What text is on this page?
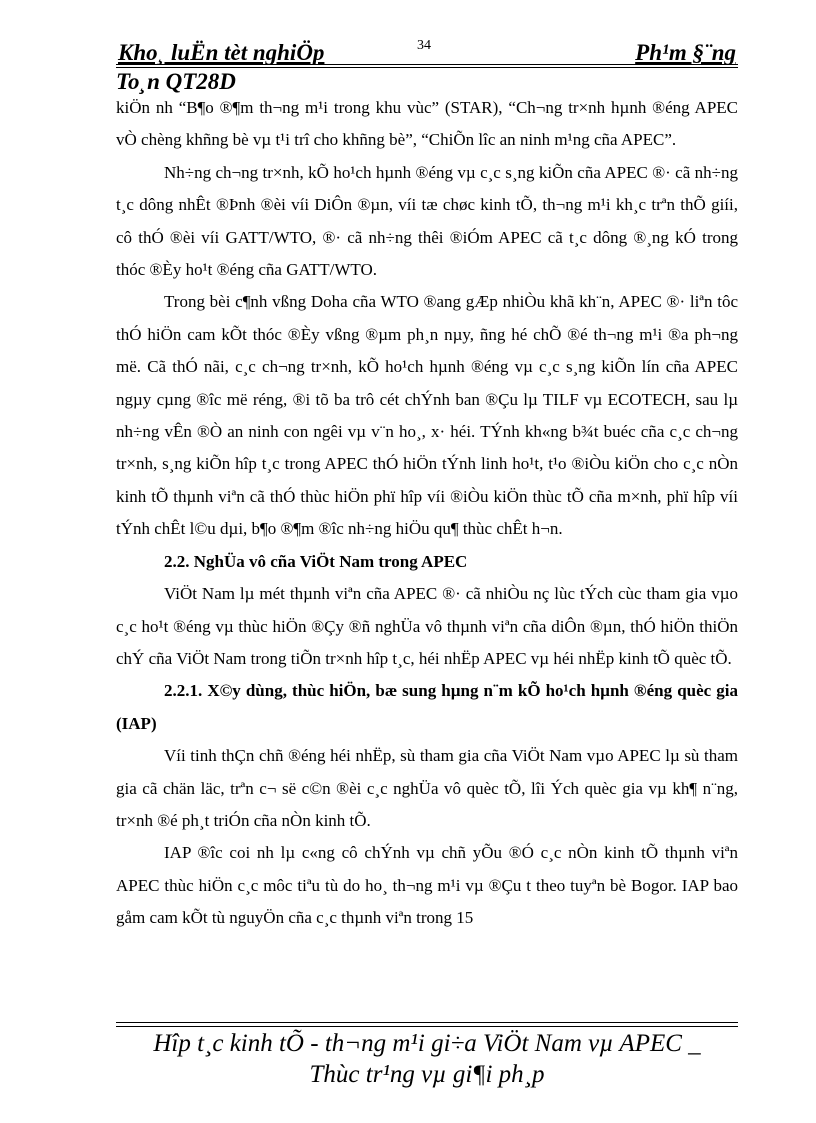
Kho¸ luËn tèt nghiÖp	34	Ph¹m §¨ng
To¸n QT28D

kiÖn nh “B¶o ®¶m th¬ng m¹i trong khu vùc” (STAR), “Ch¬ng tr×nh hµnh ®éng APEC vÒ chèng khñng bè vµ t¹i trî cho khñng bè”, “ChiÕn lîc an ninh m¹ng cña APEC”.

Nh÷ng ch¬ng tr×nh, kÕ ho¹ch hµnh ®éng vµ c¸c s¸ng kiÕn cña APEC ®· cã nh÷ng t¸c dông nhÊt ®Þnh ®èi víi DiÔn ®µn, víi tæ chøc kinh tÕ, th¬ng m¹i kh¸c trªn thÕ giíi, cô thÓ ®èi víi GATT/WTO, ®· cã nh÷ng thêi ®iÓm APEC cã t¸c dông ®¸ng kÓ trong thóc ®Èy ho¹t ®éng cña GATT/WTO.

Trong bèi c¶nh vßng Doha cña WTO ®ang gÆp nhiÒu khã kh¨n, APEC ®· liªn tôc thÓ hiÖn cam kÕt thóc ®Èy vßng ®µm ph¸n nµy, ñng hé chÕ ®é th¬ng m¹i ®a ph¬ng më. Cã thÓ nãi, c¸c ch¬ng tr×nh, kÕ ho¹ch hµnh ®éng vµ c¸c s¸ng kiÕn lín cña APEC ngµy cµng ®îc më réng, ®i tõ ba trô cét chÝnh ban ®Çu lµ TILF vµ ECOTECH, sau lµ nh÷ng vÊn ®Ò an ninh con ngêi vµ v¨n ho¸, x· héi. TÝnh kh«ng b¾t buéc cña c¸c ch¬ng tr×nh, s¸ng kiÕn hîp t¸c trong APEC thÓ hiÖn tÝnh linh ho¹t, t¹o ®iÒu kiÖn cho c¸c nÒn kinh tÕ thµnh viªn cã thÓ thùc hiÖn phï hîp víi ®iÒu kiÖn thùc tÕ cña m×nh, phï hîp víi tÝnh chÊt l©u dµi, b¶o ®¶m ®îc nh÷ng hiÖu qu¶ thùc chÊt h¬n.

2.2. NghÜa vô cña ViÖt Nam trong APEC

ViÖt Nam lµ mét thµnh viªn cña APEC ®· cã nhiÒu nç lùc tÝch cùc tham gia vµo c¸c ho¹t ®éng vµ thùc hiÖn ®Çy ®ñ nghÜa vô thµnh viªn cña diÔn ®µn, thÓ hiÖn thiÖn chÝ cña ViÖt Nam trong tiÕn tr×nh hîp t¸c, héi nhËp APEC vµ héi nhËp kinh tÕ quèc tÕ.

2.2.1. X©y dùng, thùc hiÖn, bæ sung hµng n¨m kÕ ho¹ch hµnh ®éng quèc gia (IAP)

Víi tinh thÇn chñ ®éng héi nhËp, sù tham gia cña ViÖt Nam vµo APEC lµ sù tham gia cã chän läc, trªn c¬ së c©n ®èi c¸c nghÜa vô quèc tÕ, lîi Ých quèc gia vµ kh¶ n¨ng, tr×nh ®é ph¸t triÓn cña nÒn kinh tÕ.

IAP ®îc coi nh lµ c«ng cô chÝnh vµ chñ yÕu ®Ó c¸c nÒn kinh tÕ thµnh viªn APEC thùc hiÖn c¸c môc tiªu tù do ho¸ th¬ng m¹i vµ ®Çu t theo tuyªn bè Bogor. IAP bao gåm cam kÕt tù nguyÖn cña c¸c thµnh viªn trong 15

Hîp t¸c kinh tÕ - th¬ng m¹i gi÷a ViÖt Nam vµ APEC _
Thùc tr¹ng vµ gi¶i ph¸p
